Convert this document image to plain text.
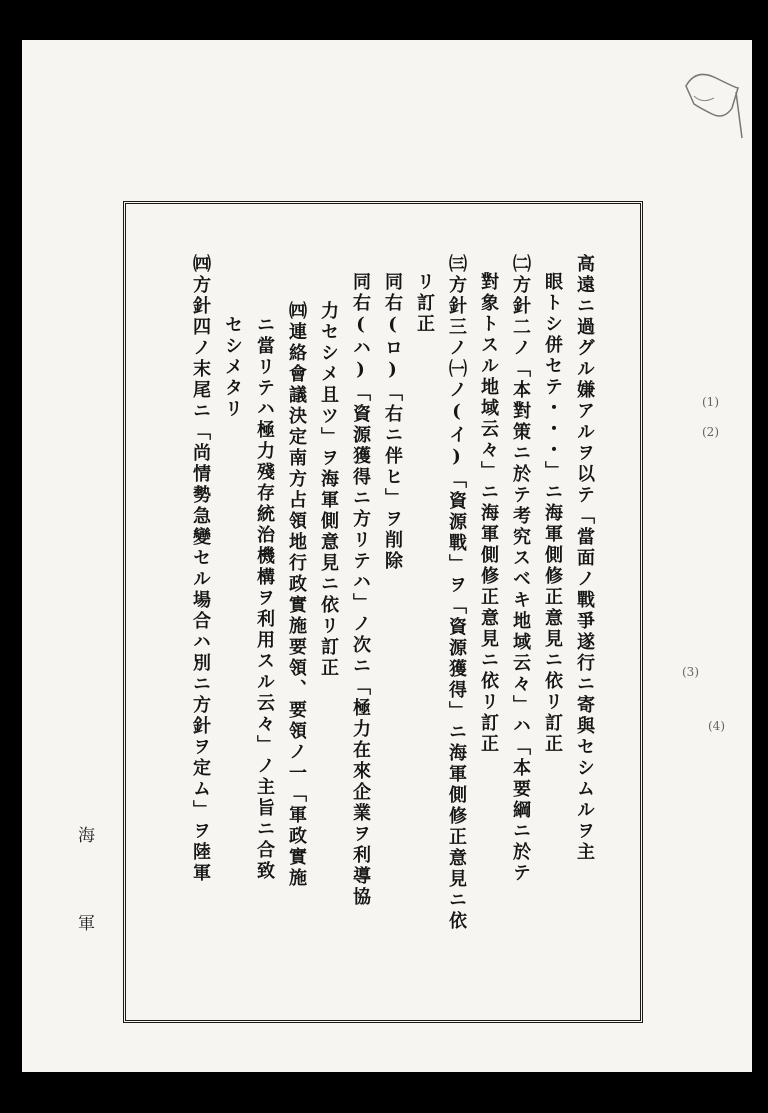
海
軍
(1)
(2)
(3)
(4)
高遠ニ過グル嫌アルヲ以テ「當面ノ戰爭遂行ニ寄與セシムルヲ主
眼トシ併セテ・・・」ニ海軍側修正意見ニ依リ訂正
㈡方針二ノ「本對策ニ於テ考究スベキ地域云々」ハ「本要綱ニ於テ
對象トスル地域云々」ニ海軍側修正意見ニ依リ訂正
㈢方針三ノ㈠ノ(イ)「資源戰」ヲ「資源獲得」ニ海軍側修正意見ニ依
リ訂正
同右(ロ)「右ニ伴ヒ」ヲ削除
同右(ハ)「資源獲得ニ方リテハ」ノ次ニ「極力在來企業ヲ利導協
力セシメ且ツ」ヲ海軍側意見ニ依リ訂正
㈣連絡會議決定南方占領地行政實施要領、要領ノ一「軍政實施
ニ當リテハ極力殘存統治機構ヲ利用スル云々」ノ主旨ニ合致
セシメタリ
㈣方針四ノ末尾ニ「尚情勢急變セル場合ハ別ニ方針ヲ定ム」ヲ陸軍
